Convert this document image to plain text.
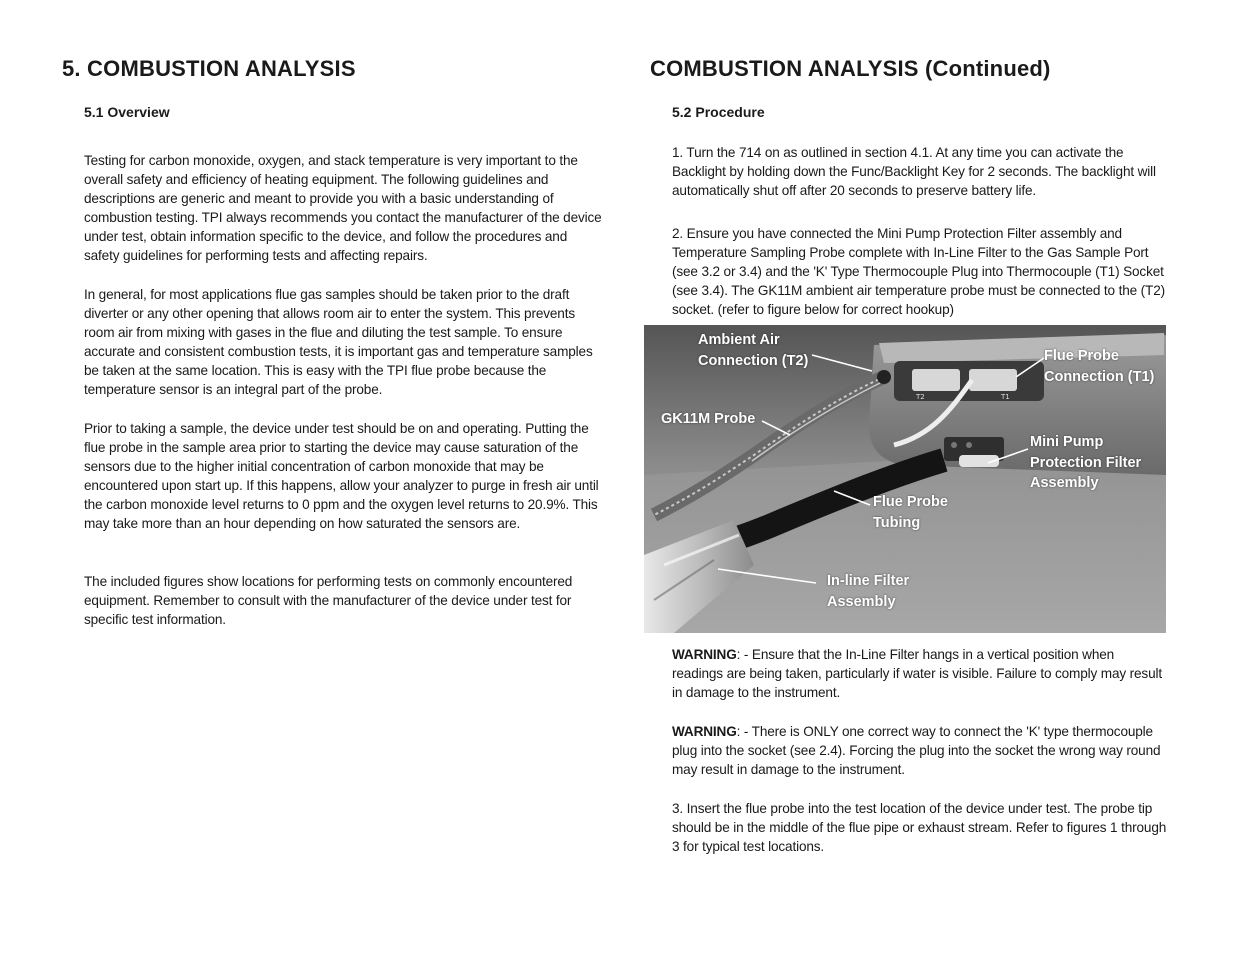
5. COMBUSTION ANALYSIS
5.1 Overview

Testing for carbon monoxide, oxygen, and stack temperature is very important to the overall safety and efficiency of heating equipment. The following guidelines and descriptions are generic and meant to provide you with a basic understanding of combustion testing. TPI always recommends you contact the manufacturer of the device under test, obtain information specific to the device, and follow the procedures and safety guidelines for performing tests and affecting repairs.

In general, for most applications flue gas samples should be taken prior to the draft diverter or any other opening that allows room air to enter the system. This prevents room air from mixing with gases in the flue and diluting the test sample. To ensure accurate and consistent combustion tests, it is important gas and temperature samples be taken at the same location. This is easy with the TPI flue probe because the temperature sensor is an integral part of the probe.

Prior to taking a sample, the device under test should be on and operating. Putting the flue probe in the sample area prior to starting the device may cause saturation of the sensors due to the higher initial concentration of carbon monoxide that may be encountered upon start up. If this happens, allow your analyzer to purge in fresh air until the carbon monoxide level returns to 0 ppm and the oxygen level returns to 20.9%. This may take more than an hour depending on how saturated the sensors are.

The included figures show locations for performing tests on commonly encountered equipment. Remember to consult with the manufacturer of the device under test for specific test information.

COMBUSTION ANALYSIS (Continued)
5.2 Procedure

1. Turn the 714 on as outlined in section 4.1. At any time you can activate the Backlight by holding down the Func/Backlight Key for 2 seconds. The backlight will automatically shut off after 20 seconds to preserve battery life.

2. Ensure you have connected the Mini Pump Protection Filter assembly and Temperature Sampling Probe complete with In-Line Filter to the Gas Sample Port (see 3.2 or 3.4) and the 'K' Type Thermocouple Plug into Thermocouple (T1) Socket (see 3.4). The GK11M ambient air temperature probe must be connected to the (T2) socket. (refer to figure below for correct hookup)

WARNING: - Ensure that the In-Line Filter hangs in a vertical position when readings are being taken, particularly if water is visible. Failure to comply may result in damage to the instrument.

WARNING: - There is ONLY one correct way to connect the 'K' type thermocouple plug into the socket (see 2.4). Forcing the plug into the socket the wrong way round may result in damage to the instrument.

3. Insert the flue probe into the test location of the device under test. The probe tip should be in the middle of the flue pipe or exhaust stream. Refer to figures 1 through 3 for typical test locations.

T2	T1
Ambient Air
Connection (T2)	Flue Probe
Connection (T1)
GK11M Probe
Mini Pump
Protection Filter
Assembly
Flue Probe
Tubing
In-line Filter
Assembly
